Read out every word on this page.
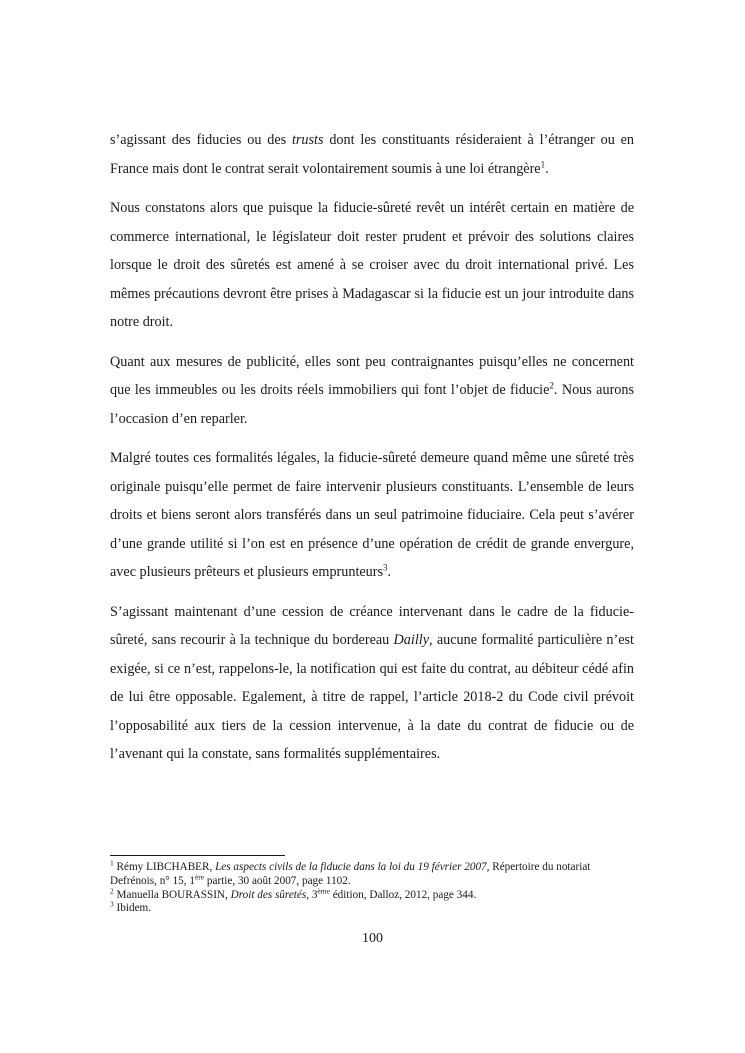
s’agissant des fiducies ou des trusts dont les constituants résideraient à l’étranger ou en France mais dont le contrat serait volontairement soumis à une loi étrangère$^1$.

Nous constatons alors que puisque la fiducie-sûreté revêt un intérêt certain en matière de commerce international, le législateur doit rester prudent et prévoir des solutions claires lorsque le droit des sûretés est amené à se croiser avec du droit international privé. Les mêmes précautions devront être prises à Madagascar si la fiducie est un jour introduite dans notre droit.

Quant aux mesures de publicité, elles sont peu contraignantes puisqu’elles ne concernent que les immeubles ou les droits réels immobiliers qui font l’objet de fiducie$^2$. Nous aurons l’occasion d’en reparler.

Malgré toutes ces formalités légales, la fiducie-sûreté demeure quand même une sûreté très originale puisqu’elle permet de faire intervenir plusieurs constituants. L’ensemble de leurs droits et biens seront alors transférés dans un seul patrimoine fiduciaire. Cela peut s’avérer d’une grande utilité si l’on est en présence d’une opération de crédit de grande envergure, avec plusieurs prêteurs et plusieurs emprunteurs$^3$.

S’agissant maintenant d’une cession de créance intervenant dans le cadre de la fiducie-sûreté, sans recourir à la technique du bordereau Dailly, aucune formalité particulière n’est exigée, si ce n’est, rappelons-le, la notification qui est faite du contrat, au débiteur cédé afin de lui être opposable. Egalement, à titre de rappel, l’article 2018-2 du Code civil prévoit l’opposabilité aux tiers de la cession intervenue, à la date du contrat de fiducie ou de l’avenant qui la constate, sans formalités supplémentaires.

$^1$ Rémy LIBCHABER, Les aspects civils de la fiducie dans la loi du 19 février 2007, Répertoire du notariat Defrénois, n° 15, 1ère partie, 30 août 2007, page 1102.

$^2$ Manuella BOURASSIN, Droit des sûretés, 3ème édition, Dalloz, 2012, page 344.

$^3$ Ibidem.

100
